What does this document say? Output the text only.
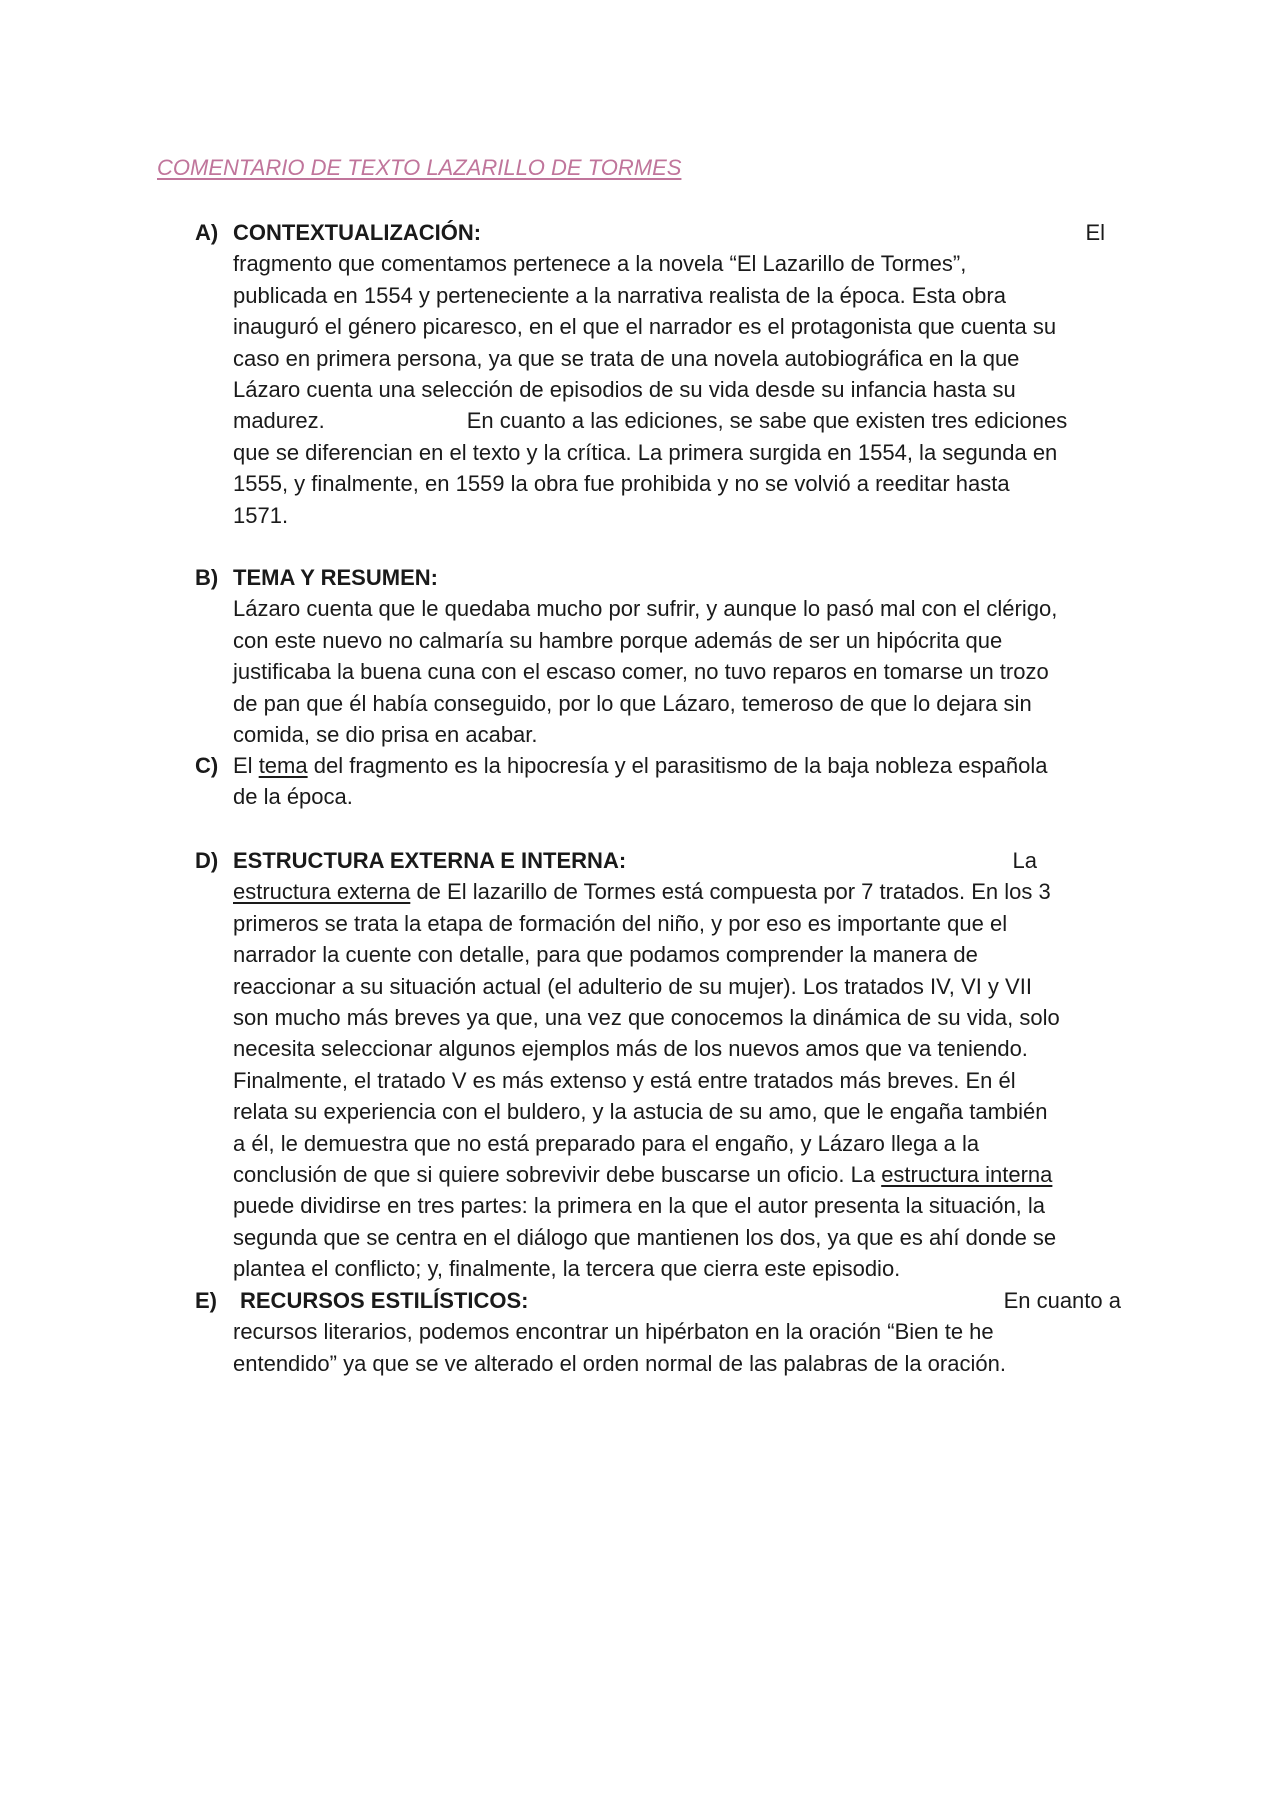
COMENTARIO DE TEXTO LAZARILLO DE TORMES
A) CONTEXTUALIZACIÓN:	El
fragmento que comentamos pertenece a la novela “El Lazarillo de Tormes”,
publicada en 1554 y perteneciente a la narrativa realista de la época. Esta obra
inauguró el género picaresco, en el que el narrador es el protagonista que cuenta su
caso en primera persona, ya que se trata de una novela autobiográfica en la que
Lázaro cuenta una selección de episodios de su vida desde su infancia hasta su
madurez.	En cuanto a las ediciones, se sabe que existen tres ediciones
que se diferencian en el texto y la crítica. La primera surgida en 1554, la segunda en
1555, y finalmente, en 1559 la obra fue prohibida y no se volvió a reeditar hasta
1571.
B) TEMA Y RESUMEN:
Lázaro cuenta que le quedaba mucho por sufrir, y aunque lo pasó mal con el clérigo,
con este nuevo no calmaría su hambre porque además de ser un hipócrita que
justificaba la buena cuna con el escaso comer, no tuvo reparos en tomarse un trozo
de pan que él había conseguido, por lo que Lázaro, temeroso de que lo dejara sin
comida, se dio prisa en acabar.
C) El tema del fragmento es la hipocresía y el parasitismo de la baja nobleza española
de la época.
D) ESTRUCTURA EXTERNA E INTERNA:	La
estructura externa de El lazarillo de Tormes está compuesta por 7 tratados. En los 3
primeros se trata la etapa de formación del niño, y por eso es importante que el
narrador la cuente con detalle, para que podamos comprender la manera de
reaccionar a su situación actual (el adulterio de su mujer). Los tratados IV, VI y VII
son mucho más breves ya que, una vez que conocemos la dinámica de su vida, solo
necesita seleccionar algunos ejemplos más de los nuevos amos que va teniendo.
Finalmente, el tratado V es más extenso y está entre tratados más breves. En él
relata su experiencia con el buldero, y la astucia de su amo, que le engaña también
a él, le demuestra que no está preparado para el engaño, y Lázaro llega a la
conclusión de que si quiere sobrevivir debe buscarse un oficio. La estructura interna
puede dividirse en tres partes: la primera en la que el autor presenta la situación, la
segunda que se centra en el diálogo que mantienen los dos, ya que es ahí donde se
plantea el conflicto; y, finalmente, la tercera que cierra este episodio.
E)	RECURSOS ESTILÍSTICOS:	En cuanto a
recursos literarios, podemos encontrar un hipérbaton en la oración “Bien te he
entendido” ya que se ve alterado el orden normal de las palabras de la oración.
